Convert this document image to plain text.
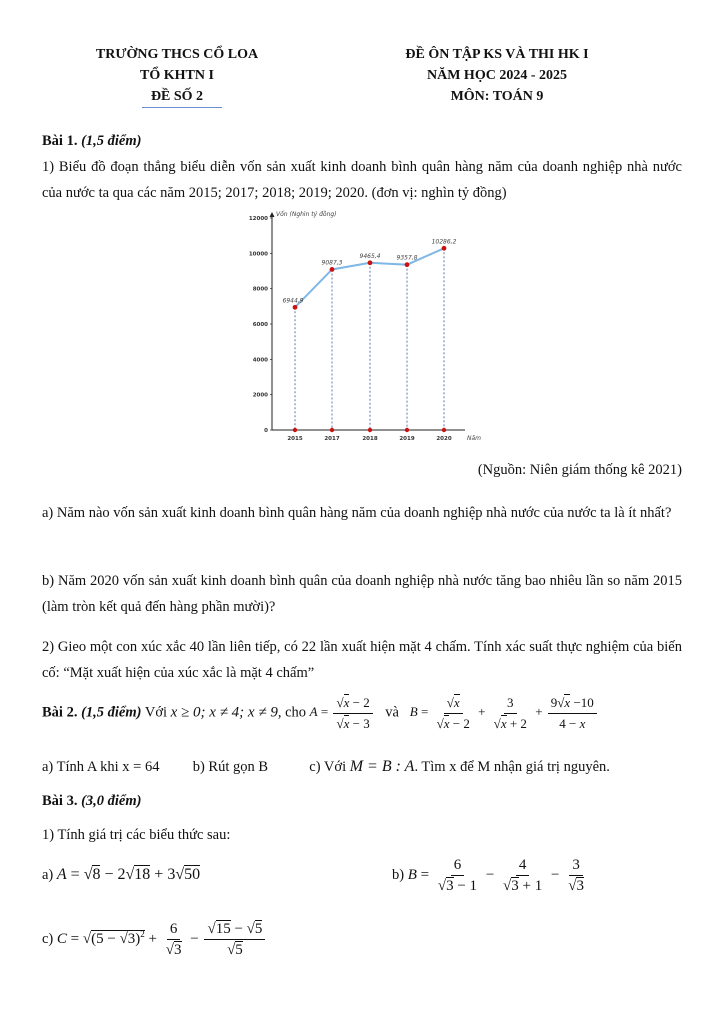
TRƯỜNG THCS CỔ LOA
TỔ KHTN I
ĐỀ SỐ 2
ĐỀ ÔN TẬP KS VÀ THI HK I
NĂM HỌC 2024 - 2025
MÔN: TOÁN 9
Bài 1. (1,5 điểm)
1) Biểu đồ đoạn thẳng biểu diễn vốn sản xuất kinh doanh bình quân hàng năm của doanh nghiệp nhà nước của nước ta qua các năm 2015; 2017; 2018; 2019; 2020. (đơn vị: nghìn tỷ đồng)
0
2000
4000
6000
8000
10000
12000
Vốn (Nghìn tỷ đồng)
Năm
2015	2017	2018	2019	2020
6944,9
9087,3
9465,4	9357,8
10286,2
(Nguồn: Niên giám thống kê 2021)
a) Năm nào vốn sản xuất kinh doanh bình quân hàng năm của doanh nghiệp nhà nước của nước ta là ít nhất?
b) Năm 2020 vốn sản xuất kinh doanh bình quân của doanh nghiệp nhà nước tăng bao nhiêu lần so năm 2015 (làm tròn kết quả đến hàng phần mười)?
2) Gieo một con xúc xắc 40 lần liên tiếp, có 22 lần xuất hiện mặt 4 chấm. Tính xác suất thực nghiệm của biến cố: “Mặt xuất hiện của xúc xắc là mặt 4 chấm”
Bài 2. (1,5 điểm) Với x ≥ 0; x ≠ 4; x ≠ 9, cho $A = \frac{√x - 2}{√x - 3}$ và $B = \frac{√x}{√x - 2} + \frac{3}{√x + 2} + \frac{9√x -10}{4 - x}$
a) Tính A khi x = 64 b) Rút gọn B	c) Với M = B : A. Tìm x để M nhận giá trị nguyên.
Bài 3. (3,0 điểm)
1) Tính giá trị các biểu thức sau:
a) A = √8 − 2√18 + 3√50	b) $B = \frac{6}{√3 - 1} - \frac{4}{√3 + 1} - \frac{3}{√3}$
c) $C = √(5 - √3)^2 + \frac{6}{√3} - \frac{√15 - √5}{√5}$
